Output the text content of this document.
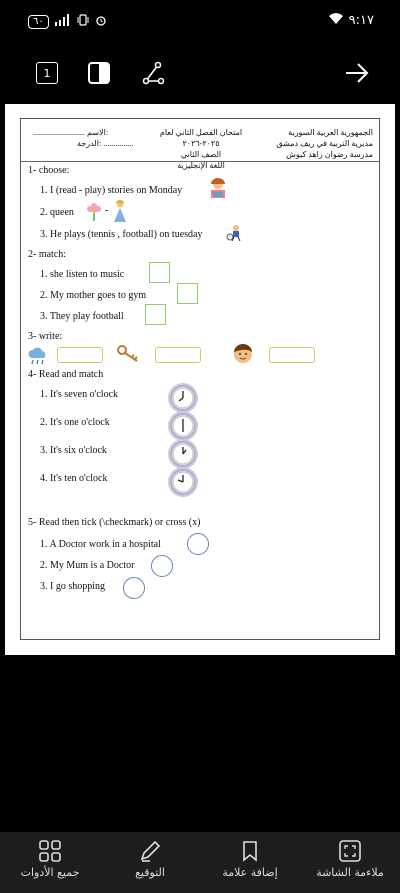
٦٠	٩:١٧
1
الجمهورية العربية السورية
مديرية التربية في ريف دمشق
مدرسة رضوان زاهد كيوش
امتحان الفصل الثاني لعام ٢٠٢٥-٢٠٢٦
الصف الثاني
اللغة الإنجليزية
.......................... الاسم:
الدرجة: ...............
1- choose:
1. I (read - play) stories on Monday
2. queen	-
3. He plays (tennis , football) on tuesday
2- match:
1. she listen to music
2. My mother goes to gym
3. They play football
3- write:
4- Read and match
1. It's seven o'clock
2. It's one o'clock
3. It's six o'clock
4. It's ten o'clock
5- Read then tick (\checkmark) or cross (x)
1. A Doctor work in a hospital
2. My Mum is a Doctor
3. I go shopping
جميع الأدوات	التوقيع	إضافة علامة	ملاءمة الشاشة
